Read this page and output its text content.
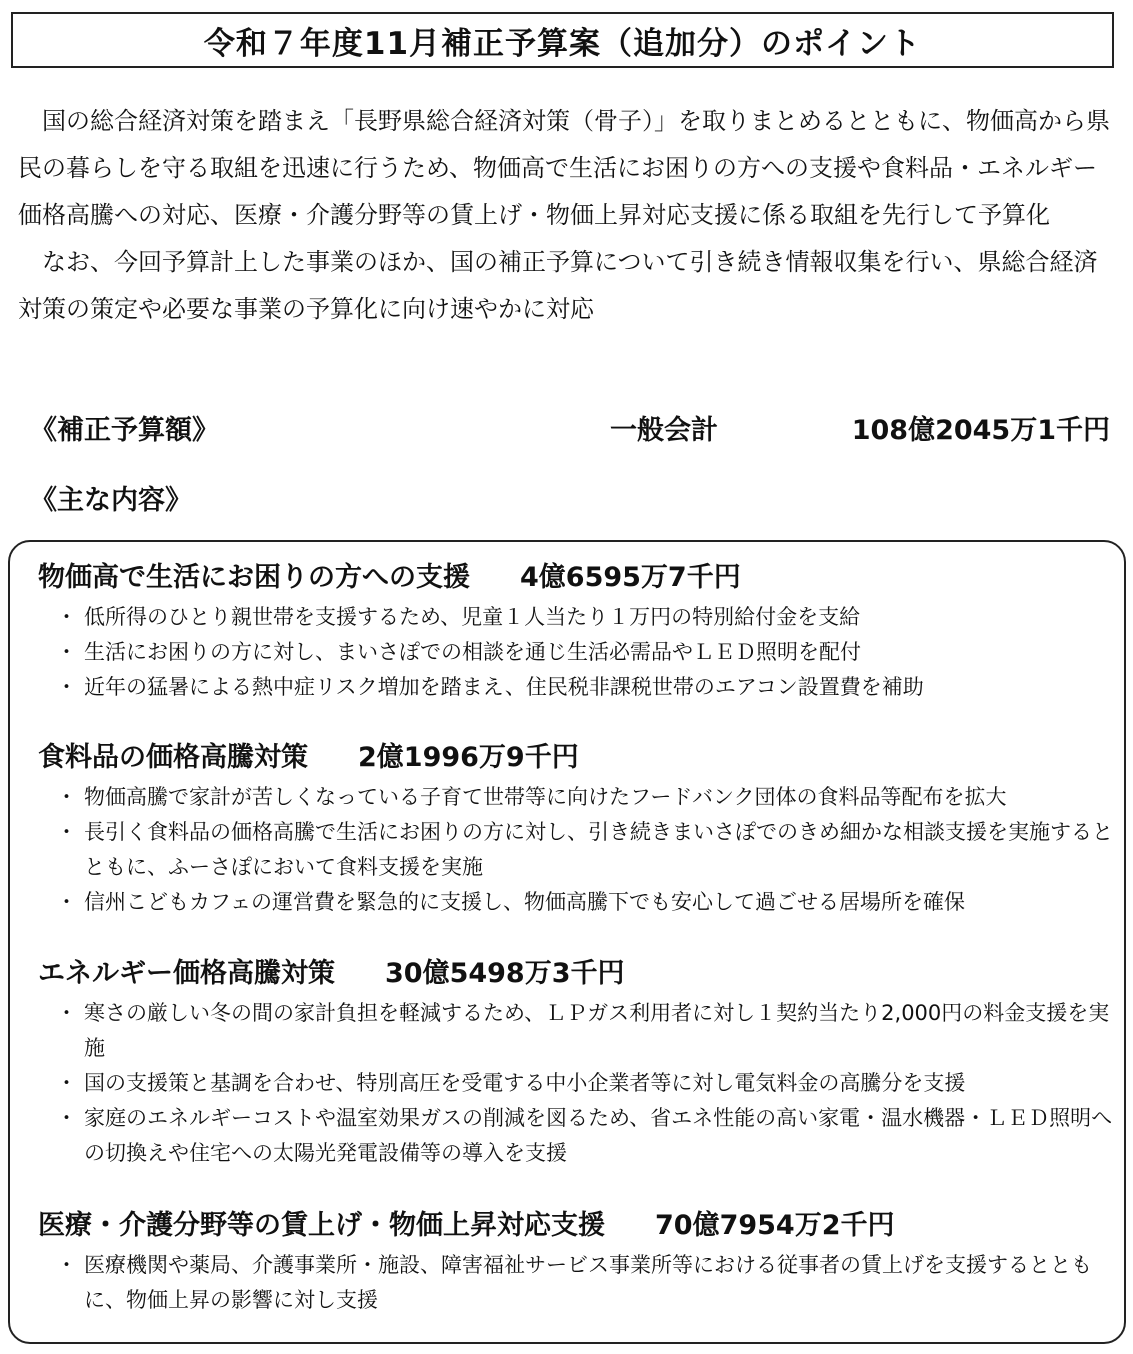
令和７年度11月補正予算案（追加分）のポイント

国の総合経済対策を踏まえ「長野県総合経済対策（骨子）」を取りまとめるとともに、物価高から県民の暮らしを守る取組を迅速に行うため、物価高で生活にお困りの方への支援や食料品・エネルギー価格高騰への対応、医療・介護分野等の賃上げ・物価上昇対応支援に係る取組を先行して予算化

なお、今回予算計上した事業のほか、国の補正予算について引き続き情報収集を行い、県総合経済対策の策定や必要な事業の予算化に向け速やかに対応

《補正予算額》	一般会計	108億2045万1千円
《主な内容》
物価高で生活にお困りの方への支援 4億6595万7千円
・ 低所得のひとり親世帯を支援するため、児童１人当たり１万円の特別給付金を支給
・ 生活にお困りの方に対し、まいさぽでの相談を通じ生活必需品やＬＥＤ照明を配付
・ 近年の猛暑による熱中症リスク増加を踏まえ、住民税非課税世帯のエアコン設置費を補助
食料品の価格高騰対策 2億1996万9千円
・ 物価高騰で家計が苦しくなっている子育て世帯等に向けたフードバンク団体の食料品等配布を拡大
・ 長引く食料品の価格高騰で生活にお困りの方に対し、引き続きまいさぽでのきめ細かな相談支援を実施するとともに、ふーさぽにおいて食料支援を実施
・ 信州こどもカフェの運営費を緊急的に支援し、物価高騰下でも安心して過ごせる居場所を確保
エネルギー価格高騰対策 30億5498万3千円
・ 寒さの厳しい冬の間の家計負担を軽減するため、ＬＰガス利用者に対し１契約当たり2,000円の料金支援を実施
・ 国の支援策と基調を合わせ、特別高圧を受電する中小企業者等に対し電気料金の高騰分を支援
・ 家庭のエネルギーコストや温室効果ガスの削減を図るため、省エネ性能の高い家電・温水機器・ＬＥＤ照明への切換えや住宅への太陽光発電設備等の導入を支援
医療・介護分野等の賃上げ・物価上昇対応支援 70億7954万2千円
・ 医療機関や薬局、介護事業所・施設、障害福祉サービス事業所等における従事者の賃上げを支援するとともに、物価上昇の影響に対し支援
